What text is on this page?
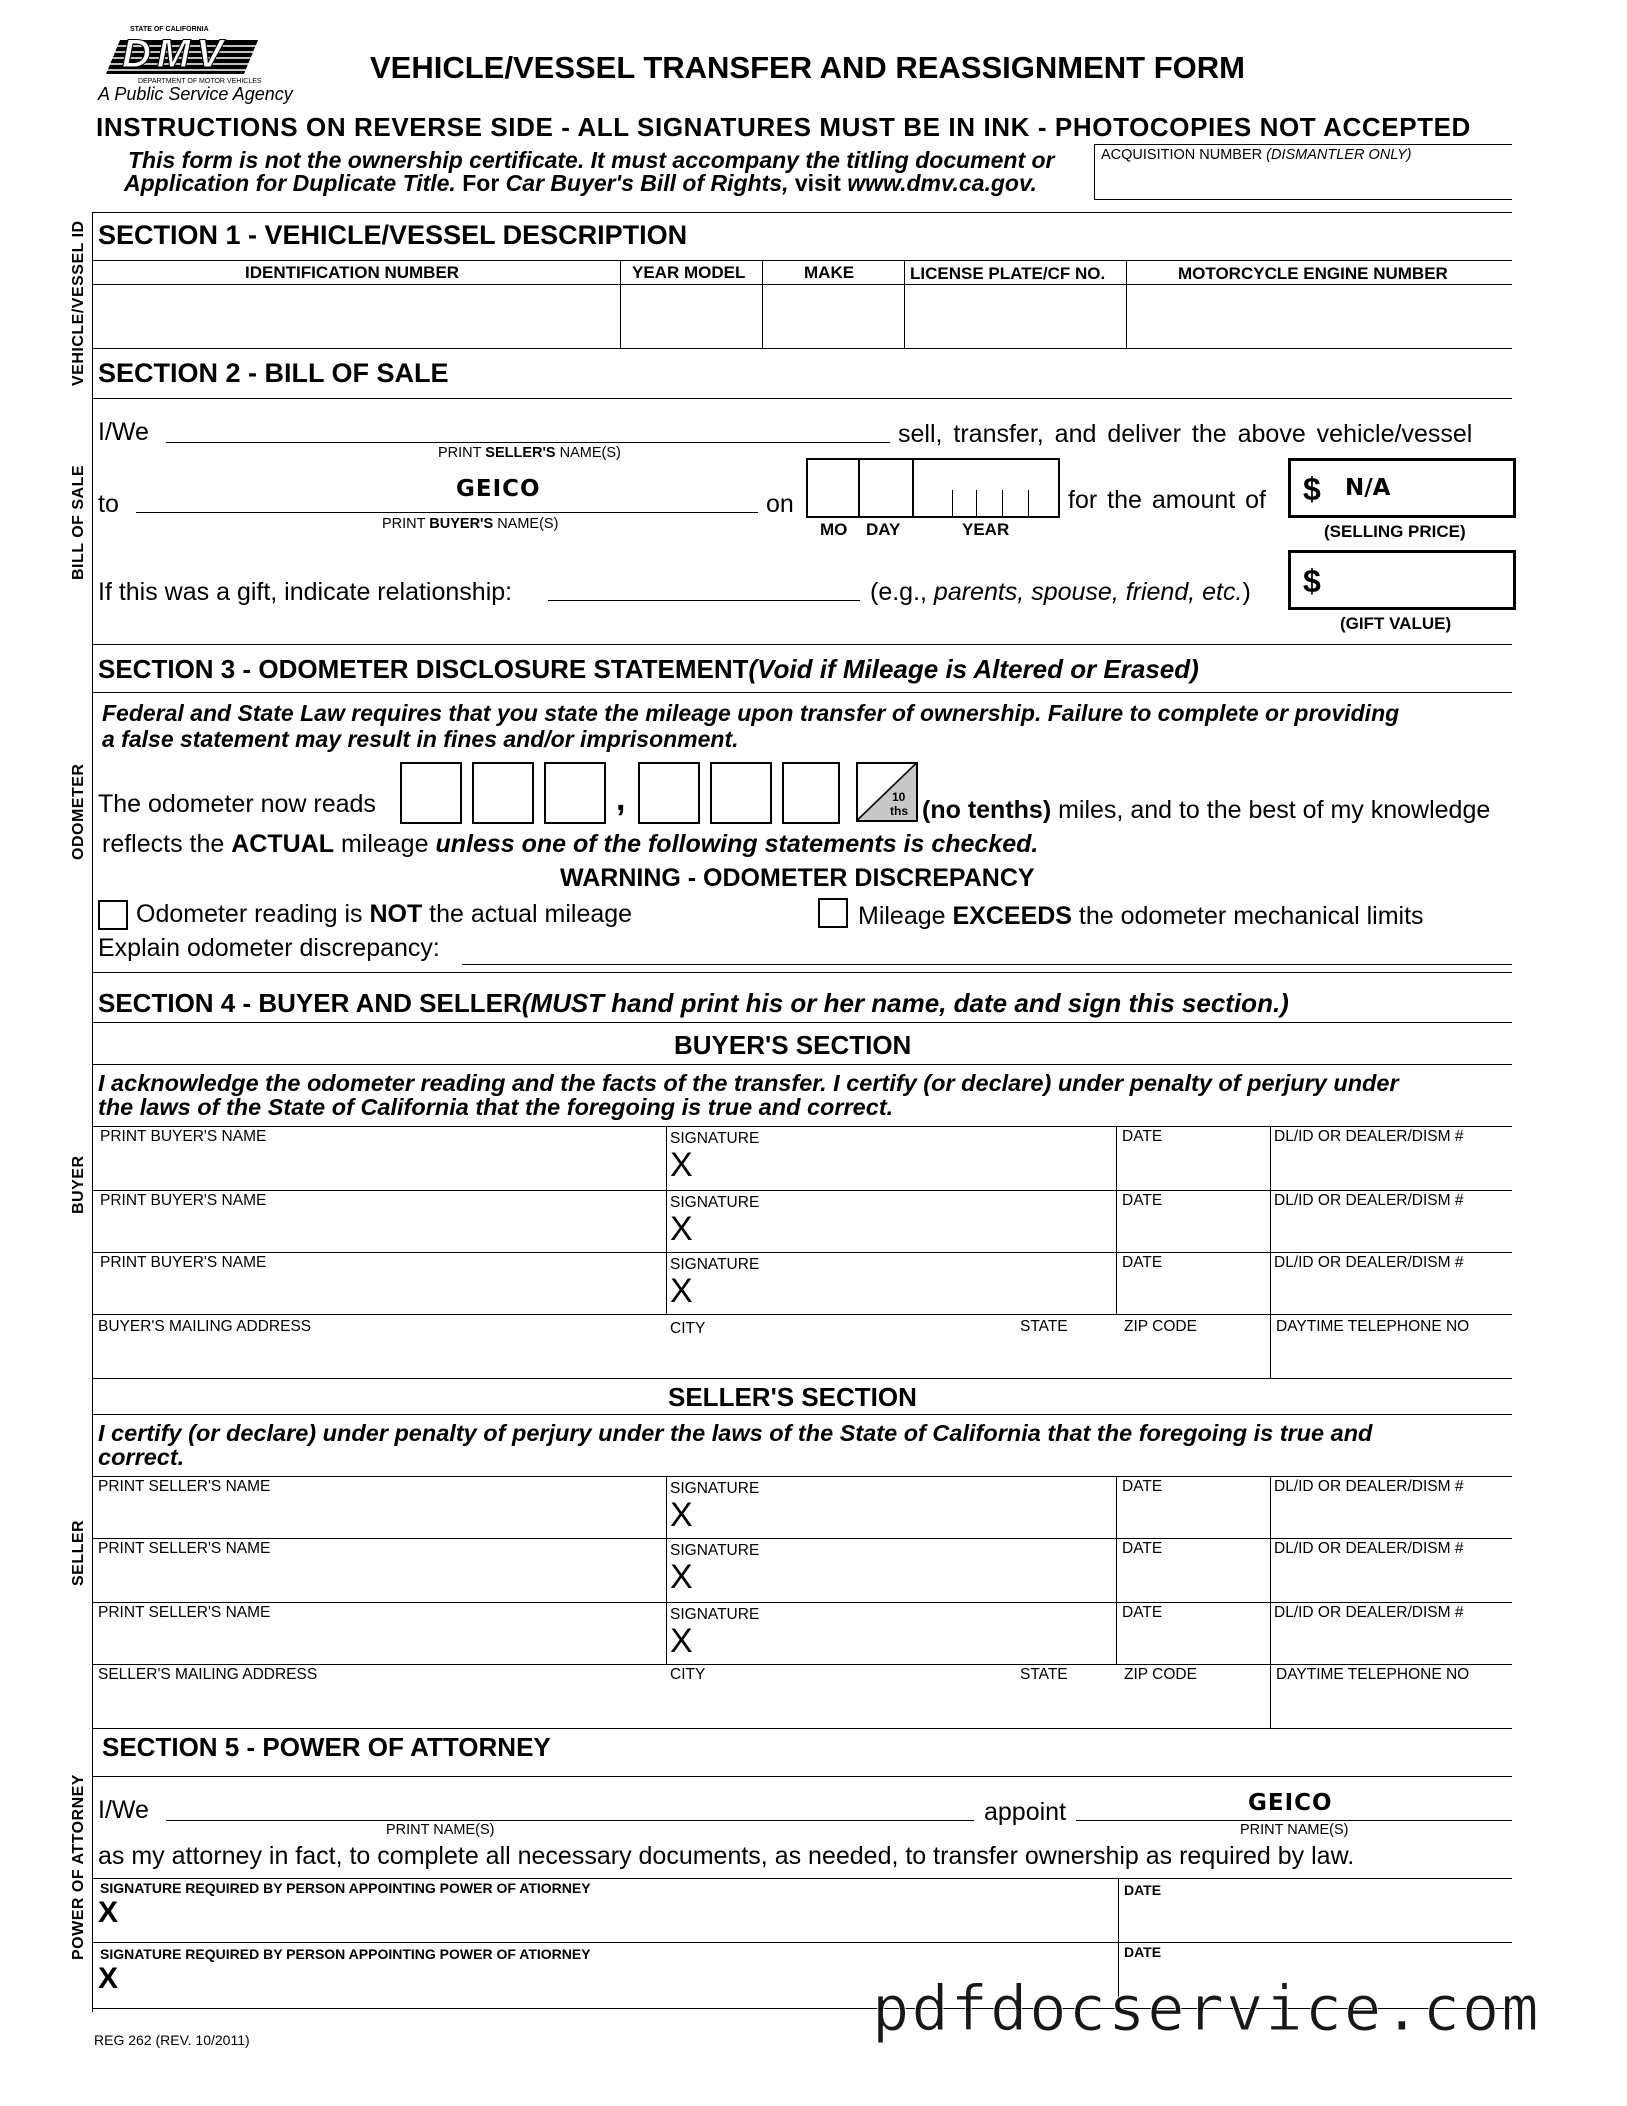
STATE OF CALIFORNIA
DMV
DEPARTMENT OF MOTOR VEHICLES
A Public Service Agency
VEHICLE/VESSEL TRANSFER AND REASSIGNMENT FORM
INSTRUCTIONS ON REVERSE SIDE - ALL SIGNATURES MUST BE IN INK - PHOTOCOPIES NOT ACCEPTED
This form is not the ownership certificate. It must accompany the titling document or
Application for Duplicate Title. For Car Buyer's Bill of Rights, visit www.dmv.ca.gov.
ACQUISITION NUMBER (DISMANTLER ONLY)
VEHICLE/VESSEL ID
BILL OF SALE
ODOMETER
BUYER
SELLER
POWER OF ATTORNEY
SECTION 1 - VEHICLE/VESSEL DESCRIPTION
IDENTIFICATION NUMBER	YEAR MODEL	MAKE	LICENSE PLATE/CF NO.	MOTORCYCLE ENGINE NUMBER
SECTION 2 - BILL OF SALE
I/We
PRINT SELLER'S NAME(S)
sell, transfer, and deliver the above vehicle/vessel
to
GEICO
PRINT BUYER'S NAME(S)
on
MO DAY	YEAR
for the amount of $ N/A
(SELLING PRICE)
If this was a gift, indicate relationship:	(e.g., parents, spouse, friend, etc.) $
(GIFT VALUE)
SECTION 3 - ODOMETER DISCLOSURE STATEMENT(Void if Mileage is Altered or Erased)
Federal and State Law requires that you state the mileage upon transfer of ownership. Failure to complete or providing
a false statement may result in fines and/or imprisonment.
The odometer now reads	,	10
ths (no tenths) miles, and to the best of my knowledge
reflects the ACTUAL mileage unless one of the following statements is checked.
WARNING - ODOMETER DISCREPANCY
Odometer reading is NOT the actual mileage	Mileage EXCEEDS the odometer mechanical limits
Explain odometer discrepancy:
SECTION 4 - BUYER AND SELLER(MUST hand print his or her name, date and sign this section.)
BUYER'S SECTION
I acknowledge the odometer reading and the facts of the transfer. I certify (or declare) under penalty of perjury under
the laws of the State of California that the foregoing is true and correct.
PRINT BUYER'S NAME	SIGNATURE
X
DATE	DL/ID OR DEALER/DISM #
PRINT BUYER'S NAME	SIGNATURE
X
DATE	DL/ID OR DEALER/DISM #
PRINT BUYER'S NAME	SIGNATURE
X
DATE	DL/ID OR DEALER/DISM #
BUYER'S MAILING ADDRESS	CITY	STATE	ZIP CODE	DAYTIME TELEPHONE NO
SELLER'S SECTION
I certify (or declare) under penalty of perjury under the laws of the State of California that the foregoing is true and
correct.
PRINT SELLER'S NAME	SIGNATURE
X
DATE	DL/ID OR DEALER/DISM #
PRINT SELLER'S NAME	SIGNATURE
X
DATE	DL/ID OR DEALER/DISM #
PRINT SELLER'S NAME	SIGNATURE
X
DATE	DL/ID OR DEALER/DISM #
SELLER'S MAILING ADDRESS	CITY	STATE	ZIP CODE	DAYTIME TELEPHONE NO
SECTION 5 - POWER OF ATTORNEY
I/We
PRINT NAME(S)
appoint	GEICO
PRINT NAME(S)
as my attorney in fact, to complete all necessary documents, as needed, to transfer ownership as required by law.
SIGNATURE REQUIRED BY PERSON APPOINTING POWER OF ATIORNEY
X
DATE
SIGNATURE REQUIRED BY PERSON APPOINTING POWER OF ATIORNEY
X
DATE
REG 262 (REV. 10/2011)	pdfdocservice.com
